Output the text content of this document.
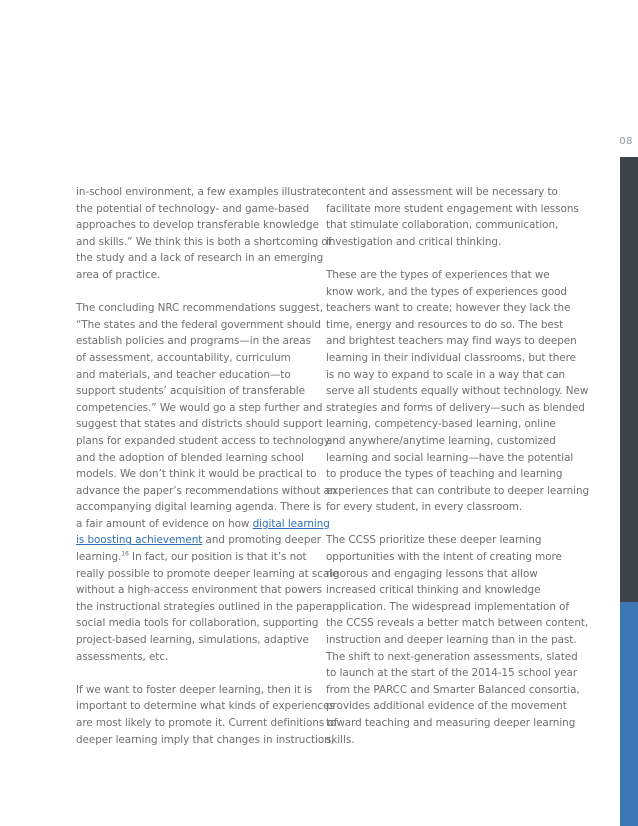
08

in-school environment, a few examples illustrate
the potential of technology- and game-based
approaches to develop transferable knowledge
and skills.” We think this is both a shortcoming of
the study and a lack of research in an emerging
area of practice.

The concluding NRC recommendations suggest,
“The states and the federal government should
establish policies and programs—in the areas
of assessment, accountability, curriculum
and materials, and teacher education—to
support students’ acquisition of transferable
competencies.” We would go a step further and
suggest that states and districts should support
plans for expanded student access to technology
and the adoption of blended learning school
models. We don’t think it would be practical to
advance the paper’s recommendations without an
accompanying digital learning agenda. There is
a fair amount of evidence on how digital learning
is boosting achievement and promoting deeper
learning.$^{16}$ In fact, our position is that it’s not
really possible to promote deeper learning at scale
without a high-access environment that powers
the instructional strategies outlined in the paper:
social media tools for collaboration, supporting
project-based learning, simulations, adaptive
assessments, etc.

If we want to foster deeper learning, then it is
important to determine what kinds of experiences
are most likely to promote it. Current definitions of
deeper learning imply that changes in instruction,

content and assessment will be necessary to
facilitate more student engagement with lessons
that stimulate collaboration, communication,
investigation and critical thinking.

These are the types of experiences that we
know work, and the types of experiences good
teachers want to create; however they lack the
time, energy and resources to do so. The best
and brightest teachers may find ways to deepen
learning in their individual classrooms, but there
is no way to expand to scale in a way that can
serve all students equally without technology. New
strategies and forms of delivery—such as blended
learning, competency-based learning, online
and anywhere/anytime learning, customized
learning and social learning—have the potential
to produce the types of teaching and learning
experiences that can contribute to deeper learning
for every student, in every classroom.

The CCSS prioritize these deeper learning
opportunities with the intent of creating more
rigorous and engaging lessons that allow
increased critical thinking and knowledge
application. The widespread implementation of
the CCSS reveals a better match between content,
instruction and deeper learning than in the past.
The shift to next-generation assessments, slated
to launch at the start of the 2014-15 school year
from the PARCC and Smarter Balanced consortia,
provides additional evidence of the movement
toward teaching and measuring deeper learning
skills.
